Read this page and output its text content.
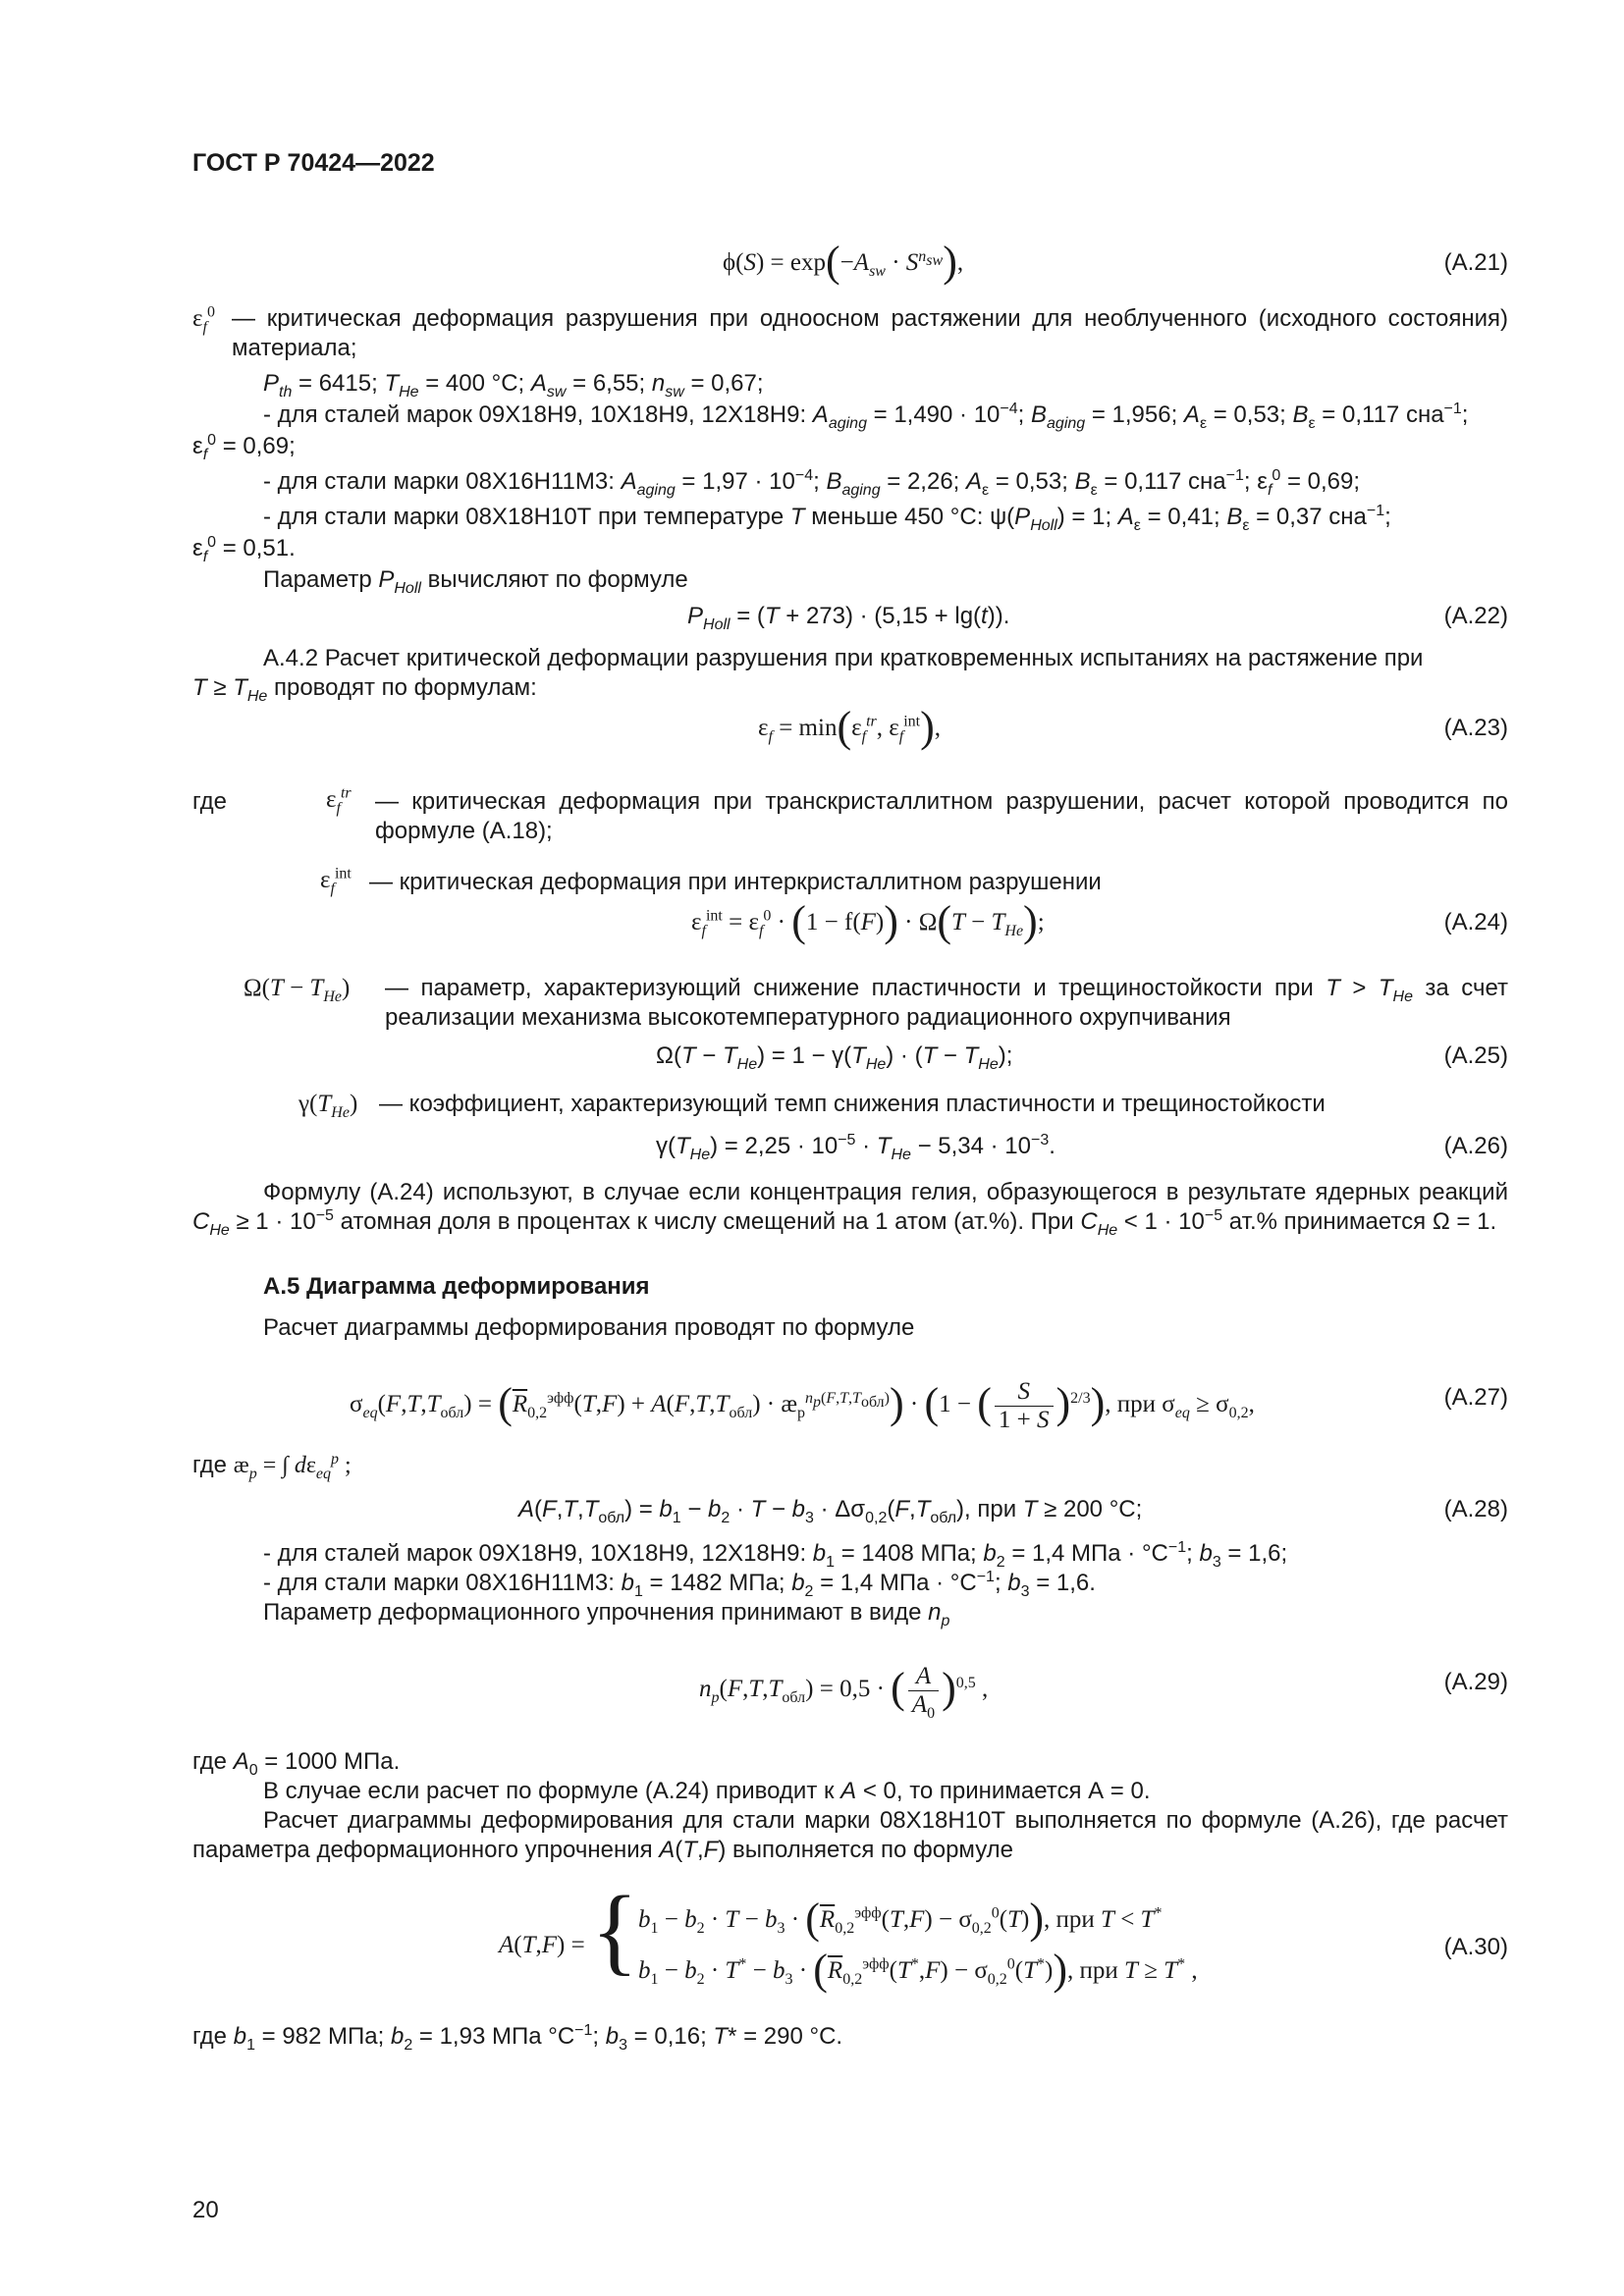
ГОСТ Р 70424—2022
$\phi(S) = \exp(-A_{sw} \cdot S^{n_{sw}})$,	(А.21)
$\varepsilon_f^0$ — критическая деформация разрушения при одноосном растяжении для необлученного (исходного состояния) материала;

$P_{th} = 6415$; $T_{He} = 400$ °С; $A_{sw} = 6,55$; $n_{sw} = 0,67$;

- для сталей марок 09Х18Н9, 10Х18Н9, 12Х18Н9: $A_{aging} = 1,490 \cdot 10^{-4}$; $B_{aging} = 1,956$; $A_\varepsilon = 0,53$; $B_\varepsilon = 0,117$ сна$^{-1}$;

$\varepsilon_f^0 = 0,69$;

- для стали марки 08Х16Н11М3: $A_{aging} = 1,97 \cdot 10^{-4}$; $B_{aging} = 2,26$; $A_\varepsilon = 0,53$; $B_\varepsilon = 0,117$ сна$^{-1}$; $\varepsilon_f^0 = 0,69$;

- для стали марки 08Х18Н10Т при температуре T меньше 450 °С: $\psi(P_{Holl}) = 1$; $A_\varepsilon = 0,41$; $B_\varepsilon = 0,37$ сна$^{-1}$;

$\varepsilon_f^0 = 0,51$.

Параметр $P_{Holl}$ вычисляют по формуле

$P_{Holl} = (T + 273) \cdot (5,15 + \lg(t))$.	(А.22)

А.4.2 Расчет критической деформации разрушения при кратковременных испытаниях на растяжение при

$T \ge T_{He}$ проводят по формулам:

$\varepsilon_f = \min(\varepsilon_f^{tr}$, $\varepsilon_f^{int}$),	(А.23)
где	$\varepsilon_f^{tr}$ — критическая деформация при транскристаллитном разрушении, расчет которой проводится по формуле (А.18);
$\varepsilon_f^{int}$ — критическая деформация при интеркристаллитном разрушении
$\varepsilon_f^{int} = \varepsilon_f^0 \cdot (1 - f(F)) \cdot \Omega(T - T_{He})$;	(А.24)
$\Omega(T - T_{He})$ — параметр, характеризующий снижение пластичности и трещиностойкости при $T > T_{He}$ за счет реализации механизма высокотемпературного радиационного охрупчивания
$\Omega(T - T_{He}) = 1 - \gamma(T_{He}) \cdot (T - T_{He})$;	(А.25)
$\gamma(T_{He})$ — коэффициент, характеризующий темп снижения пластичности и трещиностойкости
$\gamma(T_{He}) = 2,25 \cdot 10^{-5} \cdot T_{He} - 5,34 \cdot 10^{-3}$.	(А.26)

Формулу (А.24) используют, в случае если концентрация гелия, образующегося в результате ядерных реакций $C_{He} \ge 1 \cdot 10^{-5}$ атомная доля в процентах к числу смещений на 1 атом (ат.%). При $C_{He} < 1 \cdot 10^{-5}$ ат.% принимается Ω = 1.

А.5 Диаграмма деформирования

Расчет диаграммы деформирования проводят по формуле

$\sigma_{eq}(F,T,T_{обл}) = (\overline{R}_{0,2}^{эфф}(T,F) + A(F,T,T_{обл})$ · $æ_p^{n_p(F,T,T_{обл})}) \cdot (1$ − ( $\frac{S}{1 + S} )^{2/3}$), при $\sigma_{eq} \ge \sigma_{0,2}$,	(А.27)

где $æ_p$ = ∫ $d\varepsilon_{eq}^p$ ;

$A(F,T,T_{обл}) = b_1 - b_2 \cdot T - b_3 \cdot \Delta\sigma_{0,2}(F,T_{обл})$, при T ≥ 200 °С;	(А.28)

- для сталей марок 09Х18Н9, 10Х18Н9, 12Х18Н9: $b_1 = 1408$ МПа; $b_2 = 1,4$ МПа · $^\circ С^{-1}$; $b_3 = 1,6$;

- для стали марки 08Х16Н11М3: $b_1 = 1482$ МПа; $b_2 = 1,4$ МПа · $^\circ С^{-1}$; $b_3 = 1,6$.

Параметр деформационного упрочнения принимают в виде $n_p$

$n_p(F,T,T_{обл}) = 0,5$ · ( $\frac{A}{A_0} )^{0,5}$ ,	(А.29)

где $A_0 = 1000$ МПа.

В случае если расчет по формуле (А.24) приводит к A < 0, то принимается А = 0.

Расчет диаграммы деформирования для стали марки 08Х18Н10Т выполняется по формуле (А.26), где расчет параметра деформационного упрочнения A(T,F) выполняется по формуле

A(T,F) = { $b_1 - b_2 \cdot T - b_3 \cdot (\overline{R}_{0,2}^{эфф}(T,F) - \sigma_{0,2}^0(T))$, при T < T*
$b_1 - b_2 \cdot T^* - b_3 \cdot (\overline{R}_{0,2}^{эфф}(T^*,F) - \sigma_{0,2}^0(T^*))$, при T ≥ T* ,
(А.30)

где $b_1 = 982$ МПа; $b_2 = 1,93$ МПа $^\circ С^{-1}$; $b_3 = 0,16$; T* = 290 °С.

20
